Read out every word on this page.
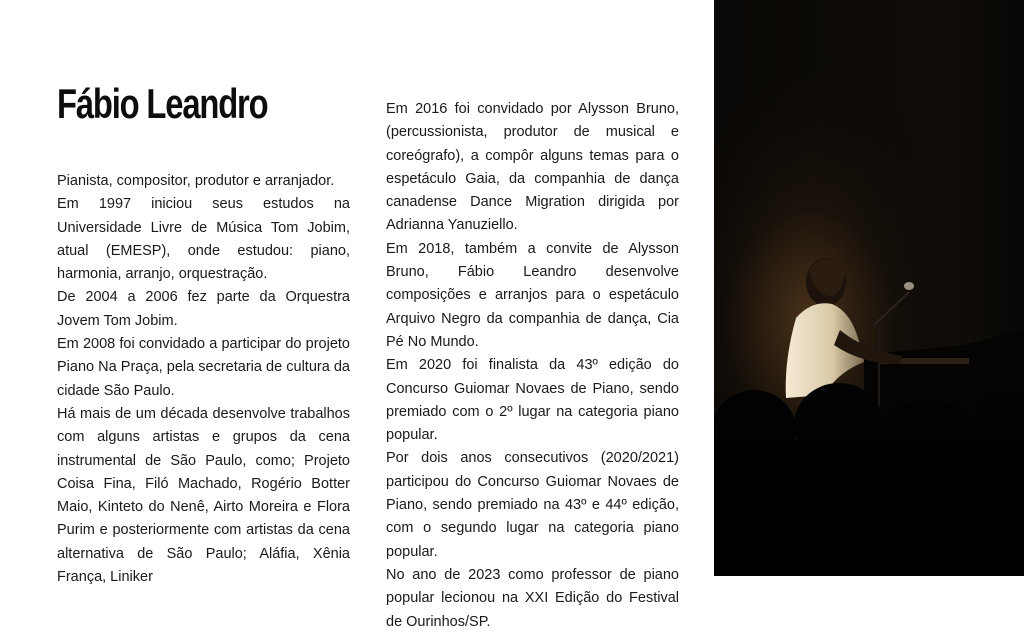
Fábio Leandro

Pianista, compositor, produtor e arranjador.

Em 1997 iniciou seus estudos na Universidade Livre de Música Tom Jobim, atual (EMESP), onde estudou: piano, harmonia, arranjo, orquestração.

De 2004 a 2006 fez parte da Orquestra Jovem Tom Jobim.

Em 2008 foi convidado a participar do projeto Piano Na Praça, pela secretaria de cultura da cidade São Paulo.

Há mais de um década desenvolve trabalhos com alguns artistas e grupos da cena instrumental de São Paulo, como; Projeto Coisa Fina, Filó Machado, Rogério Botter Maio, Kinteto do Nenê, Airto Moreira e Flora Purim e posteriormente com artistas da cena alternativa de São Paulo; Aláfia, Xênia França, Liniker

Em 2016 foi convidado por Alysson Bruno, (percussionista, produtor de musical e coreógrafo), a compôr alguns temas para o espetáculo Gaia, da companhia de dança canadense Dance Migration dirigida por Adrianna Yanuziello.

Em 2018, também a convite de Alysson Bruno, Fábio Leandro desenvolve composições e arranjos para o espetáculo Arquivo Negro da companhia de dança, Cia Pé No Mundo.

Em 2020 foi finalista da 43º edição do Concurso Guiomar Novaes de Piano, sendo premiado com o 2º lugar na categoria piano popular.

Por dois anos consecutivos (2020/2021) participou do Concurso Guiomar Novaes de Piano, sendo premiado na 43º e 44º edição, com o segundo lugar na categoria piano popular.

No ano de 2023 como professor de piano popular lecionou na XXI Edição do Festival de Ourinhos/SP.
